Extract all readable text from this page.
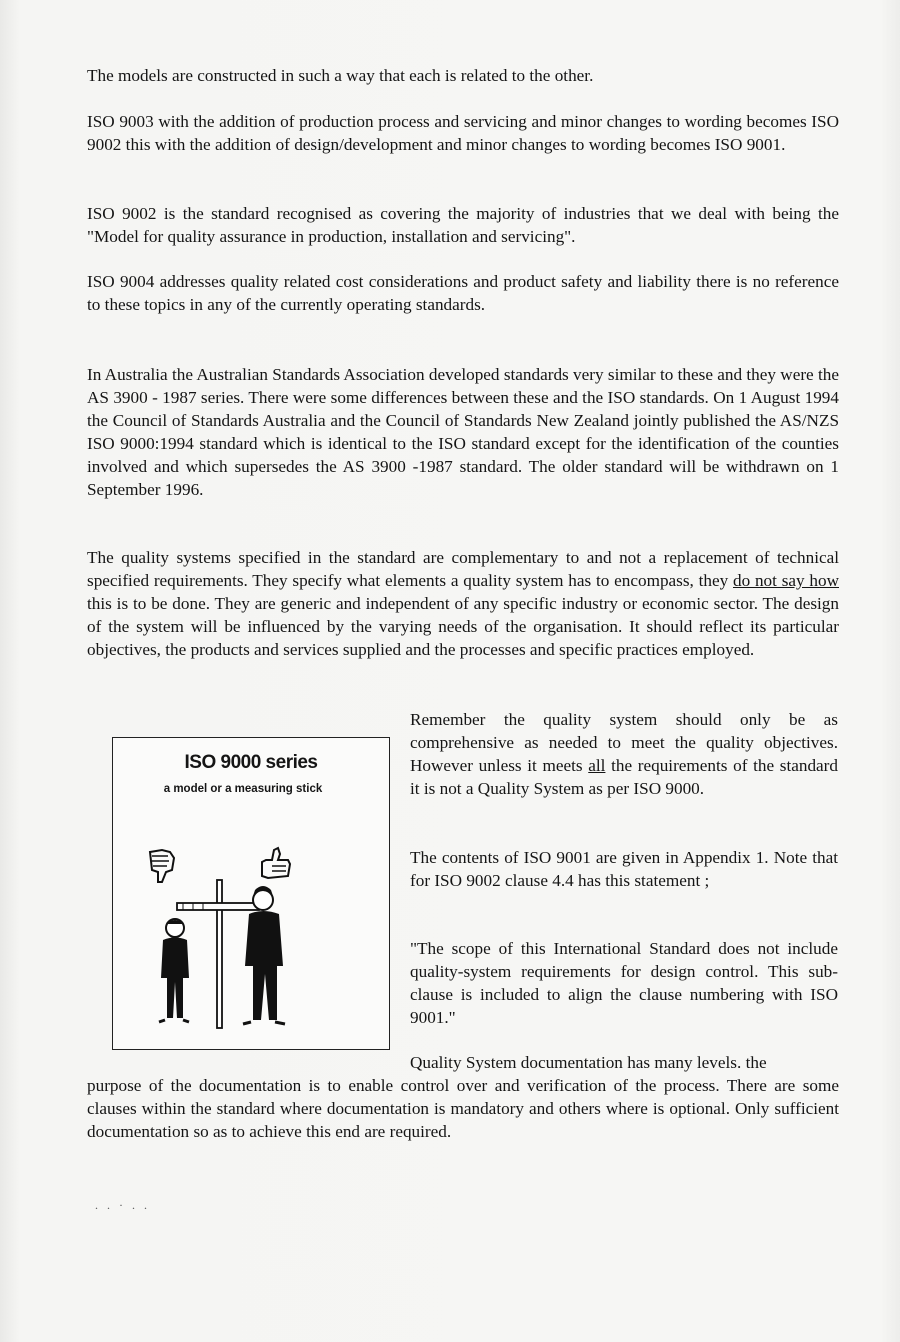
The models are constructed in such a way that each is related to the other.

ISO 9003 with the addition of production process and servicing and minor changes to wording becomes ISO 9002 this with the addition of design/development and minor changes to wording becomes ISO 9001.

ISO 9002 is the standard recognised as covering the majority of industries that we deal with being the "Model for quality assurance in production, installation and servicing".

ISO 9004 addresses quality related cost considerations and product safety and liability there is no reference to these topics in any of the currently operating standards.

In Australia the Australian Standards Association developed standards very similar to these and they were the AS 3900 - 1987 series. There were some differences between these and the ISO standards. On 1 August 1994 the Council of Standards Australia and the Council of Standards New Zealand jointly published the AS/NZS ISO 9000:1994 standard which is identical to the ISO standard except for the identification of the counties involved and which supersedes the AS 3900 -1987 standard. The older standard will be withdrawn on 1 September 1996.

The quality systems specified in the standard are complementary to and not a replacement of technical specified requirements. They specify what elements a quality system has to encompass, they do not say how this is to be done. They are generic and independent of any specific industry or economic sector. The design of the system will be influenced by the varying needs of the organisation. It should reflect its particular objectives, the products and services supplied and the processes and specific practices employed.

ISO 9000 series
a model or a measuring stick

Remember the quality system should only be as comprehensive as needed to meet the quality objectives. However unless it meets all the requirements of the standard it is not a Quality System as per ISO 9000.

The contents of ISO 9001 are given in Appendix 1. Note that for ISO 9002 clause 4.4 has this statement ;

"The scope of this International Standard does not include quality-system requirements for design control. This sub-clause is included to align the clause numbering with ISO 9001."

Quality System documentation has many levels. the

purpose of the documentation is to enable control over and verification of the process. There are some clauses within the standard where documentation is mandatory and others where is optional. Only sufficient documentation so as to achieve this end are required.

. . · . .
